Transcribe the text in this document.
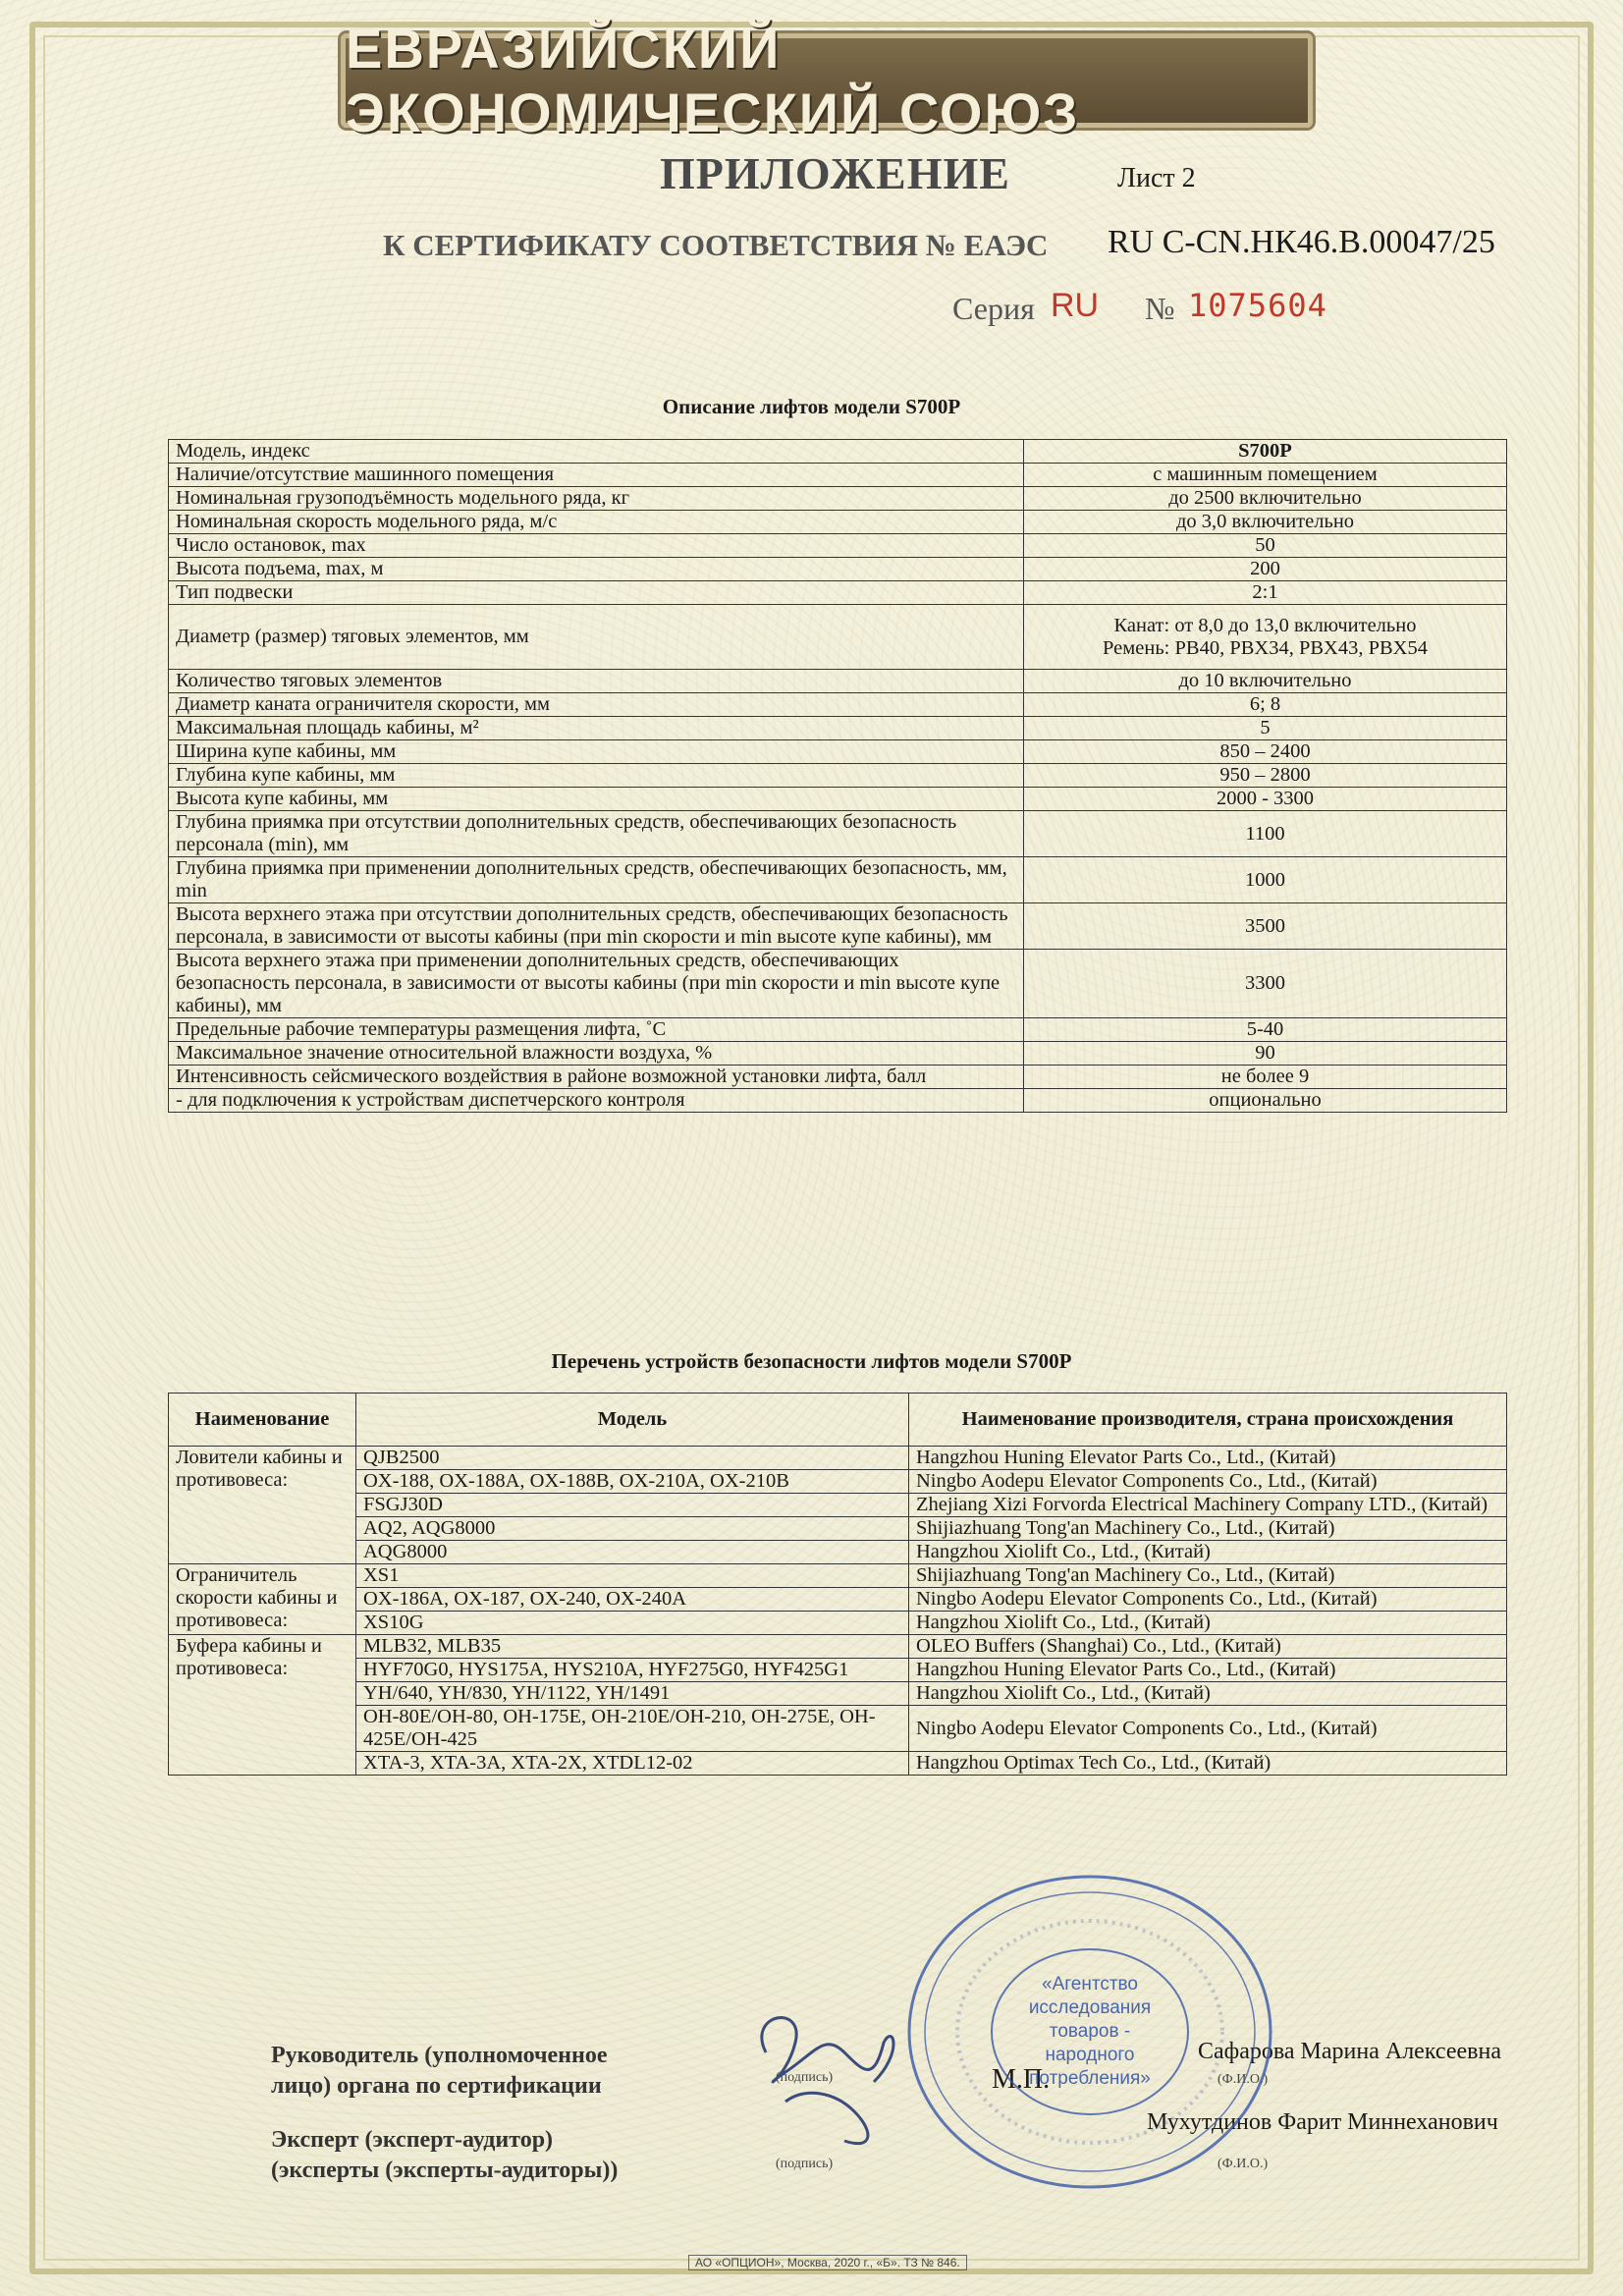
ЕВРАЗИЙСКИЙ ЭКОНОМИЧЕСКИЙ СОЮЗ
ПРИЛОЖЕНИЕ	Лист 2
К СЕРТИФИКАТУ СООТВЕТСТВИЯ № ЕАЭС RU С-CN.НК46.В.00047/25
Серия RU № 1075604
Описание лифтов модели S700P
Модель, индекс	S700P
Наличие/отсутствие машинного помещения	с машинным помещением
Номинальная грузоподъёмность модельного ряда, кг	до 2500 включительно
Номинальная скорость модельного ряда, м/с	до 3,0 включительно
Число остановок, max	50
Высота подъема, max, м	200
Тип подвески	2:1
Диаметр (размер) тяговых элементов, мм	Канат: от 8,0 до 13,0 включительно
Ремень: PB40, PBX34, PBX43, PBX54

Количество тяговых элементов	до 10 включительно
Диаметр каната ограничителя скорости, мм	6; 8
Максимальная площадь кабины, м²	5
Ширина купе кабины, мм	850 – 2400
Глубина купе кабины, мм	950 – 2800
Высота купе кабины, мм	2000 - 3300
Глубина приямка при отсутствии дополнительных средств, обеспечивающих безопасность персонала (min), мм	1100
Глубина приямка при применении дополнительных средств, обеспечивающих безопасность, мм, min	1000
Высота верхнего этажа при отсутствии дополнительных средств, обеспечивающих безопасность персонала, в зависимости от высоты кабины (при min скорости и min высоте купе кабины), мм	3500
Высота верхнего этажа при применении дополнительных средств, обеспечивающих безопасность персонала, в зависимости от высоты кабины (при min скорости и min высоте купе кабины), мм	3300
Предельные рабочие температуры размещения лифта, ˚С	5-40
Максимальное значение относительной влажности воздуха, %	90
Интенсивность сейсмического воздействия в районе возможной установки лифта, балл	не более 9
- для подключения к устройствам диспетчерского контроля	опционально
Перечень устройств безопасности лифтов модели S700P
Наименование	Модель	Наименование производителя, страна происхождения
Ловители кабины и противовеса:	QJB2500	Hangzhou Huning Elevator Parts Co., Ltd., (Китай)
	OX-188, OX-188A, OX-188B, OX-210A, OX-210B	Ningbo Aodepu Elevator Components Co., Ltd., (Китай)
	FSGJ30D	Zhejiang Xizi Forvorda Electrical Machinery Company LTD., (Китай)
	AQ2, AQG8000	Shijiazhuang Tong'an Machinery Co., Ltd., (Китай)
	AQG8000	Hangzhou Xiolift Co., Ltd., (Китай)
Ограничитель скорости кабины и противовеса:	XS1	Shijiazhuang Tong'an Machinery Co., Ltd., (Китай)
	OX-186A, OX-187, OX-240, OX-240A	Ningbo Aodepu Elevator Components Co., Ltd., (Китай)
	XS10G	Hangzhou Xiolift Co., Ltd., (Китай)
Буфера кабины и противовеса:	MLB32, MLB35	OLEO Buffers (Shanghai) Co., Ltd., (Китай)
	HYF70G0, HYS175A, HYS210A, HYF275G0, HYF425G1	Hangzhou Huning Elevator Parts Co., Ltd., (Китай)
	YH/640, YH/830, YH/1122, YH/1491	Hangzhou Xiolift Co., Ltd., (Китай)
	OH-80E/OH-80, OH-175E, OH-210E/OH-210, OH-275E, OH-425E/OH-425	Ningbo Aodepu Elevator Components Co., Ltd., (Китай)
	XTA-3, XTA-3A, XTA-2X, XTDL12-02	Hangzhou Optimax Tech Co., Ltd., (Китай)
Руководитель (уполномоченное
лицо) органа по сертификации	(подпись)	М.П.
Сафарова Марина Алексеевна
(Ф.И.О.)
Эксперт (эксперт-аудитор)
(эксперты (эксперты-аудиторы))	(подпись)
Мухутдинов Фарит Миннеханович
(Ф.И.О.)
«Агентство исследования товаров -народного потребления»
АО «ОПЦИОН», Москва, 2020 г., «Б». ТЗ № 846.
